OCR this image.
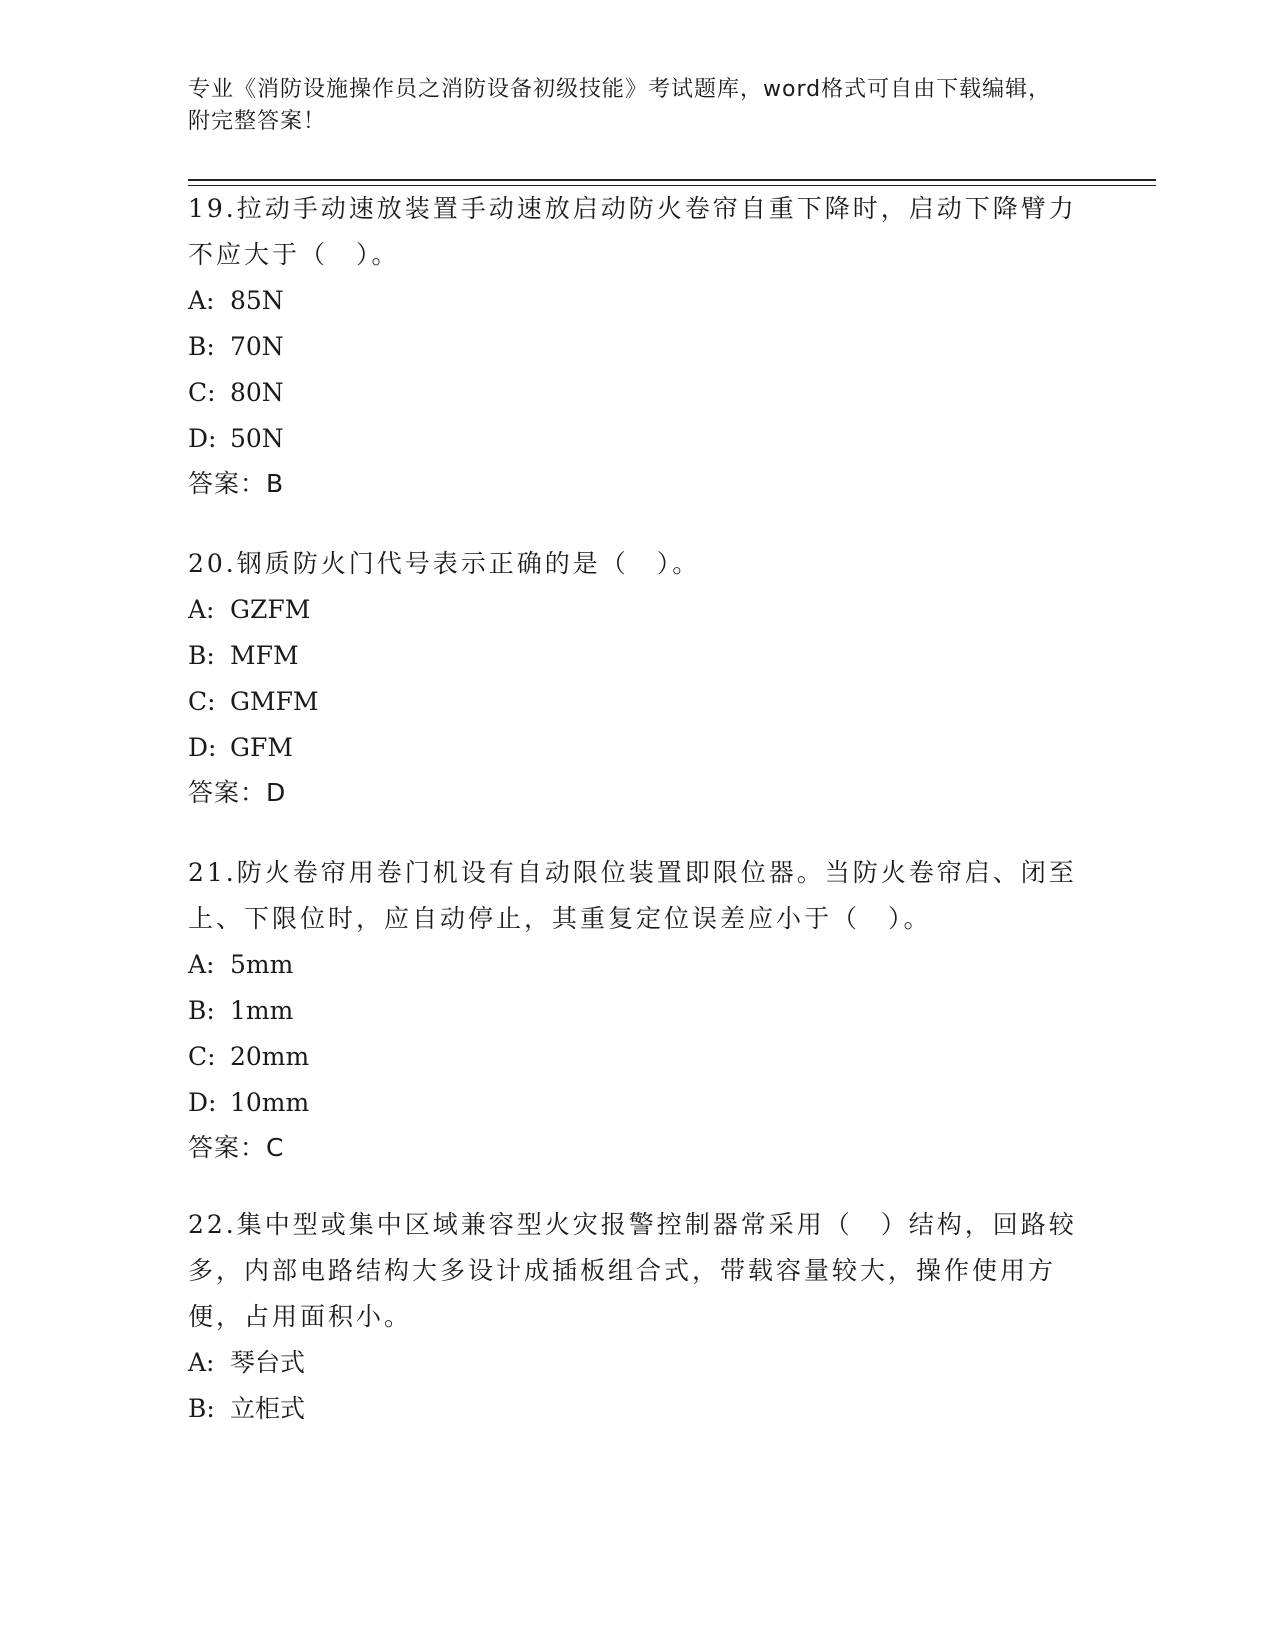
专业《消防设施操作员之消防设备初级技能》考试题库，word格式可自由下载编辑，附完整答案！

19.拉动手动速放装置手动速放启动防火卷帘自重下降时，启动下降臂力不应大于（　）。

A: 85N
B: 70N
C: 80N
D: 50N
答案：B

20.钢质防火门代号表示正确的是（　）。

A: GZFM
B: MFM
C: GMFM
D: GFM
答案：D

21.防火卷帘用卷门机设有自动限位装置即限位器。当防火卷帘启、闭至上、下限位时，应自动停止，其重复定位误差应小于（　）。

A: 5mm
B: 1mm
C: 20mm
D: 10mm
答案：C

22.集中型或集中区域兼容型火灾报警控制器常采用（　）结构，回路较多，内部电路结构大多设计成插板组合式，带载容量较大，操作使用方便，占用面积小。

A: 琴台式
B: 立柜式
